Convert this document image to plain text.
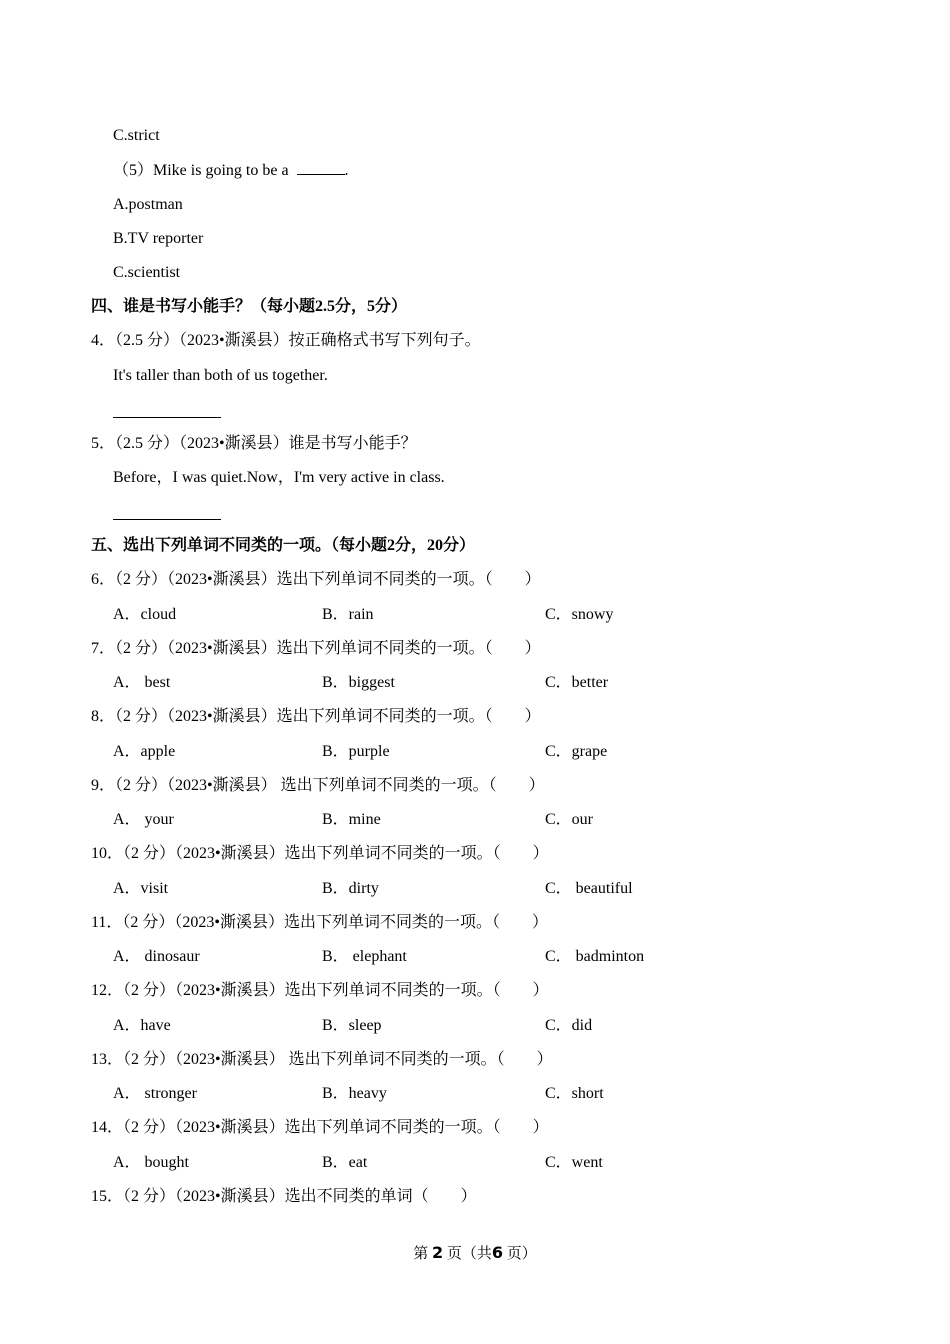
C.strict
（5）Mike is going to be a	.
A.postman
B.TV reporter
C.scientist
四、谁是书写小能手？（每小题2.5分，5分）
4．（2.5 分）（2023•澌溪县）按正确格式书写下列句子。
It's taller than both of us together.
5．（2.5 分）（2023•澌溪县）谁是书写小能手？
Before，I was quiet.Now，I'm very active in class.
五、选出下列单词不同类的一项。（每小题2分，20分）
6．（2 分）（2023•澌溪县）选出下列单词不同类的一项。（　　）
A．cloud	B．rain	C．snowy
7．（2 分）（2023•澌溪县）选出下列单词不同类的一项。（　　）
A． best	B．biggest	C．better
8．（2 分）（2023•澌溪县）选出下列单词不同类的一项。（　　）
A．apple	B．purple	C．grape
9．（2 分）（2023•澌溪县） 选出下列单词不同类的一项。（　　）
A． your	B．mine	C．our
10．（2 分）（2023•澌溪县）选出下列单词不同类的一项。（　　）
A．visit	B．dirty	C． beautiful
11．（2 分）（2023•澌溪县）选出下列单词不同类的一项。（　　）
A． dinosaur	B． elephant	C． badminton
12．（2 分）（2023•澌溪县）选出下列单词不同类的一项。（　　）
A．have	B．sleep	C．did
13．（2 分）（2023•澌溪县） 选出下列单词不同类的一项。（　　）
A． stronger	B．heavy	C．short
14．（2 分）（2023•澌溪县）选出下列单词不同类的一项。（　　）
A． bought	B．eat	C．went
15．（2 分）（2023•澌溪县）选出不同类的单词（　　）
第 2 页（共6 页）
